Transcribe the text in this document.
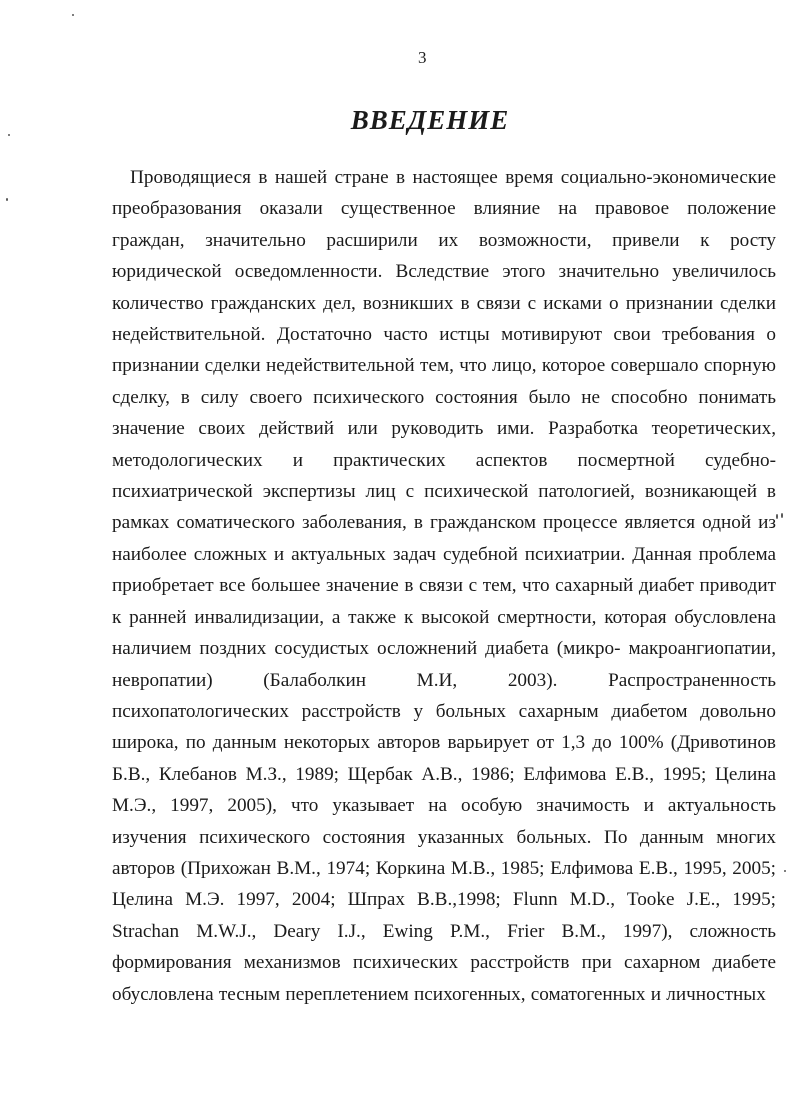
3
ВВЕДЕНИЕ

Проводящиеся в нашей стране в настоящее время социально-экономические преобразования оказали существенное влияние на правовое положение граждан, значительно расширили их возможности, привели к росту юридической осведомленности. Вследствие этого значительно увеличилось количество гражданских дел, возникших в связи с исками о признании сделки недействительной. Достаточно часто истцы мотивируют свои требования о признании сделки недействительной тем, что лицо, которое совершало спорную сделку, в силу своего психического состояния было не способно понимать значение своих действий или руководить ими. Разработка теоретических, методологических и практических аспектов посмертной судебно-психиатрической экспертизы лиц с психической патологией, возникающей в рамках соматического заболевания, в гражданском процессе является одной из наиболее сложных и актуальных задач судебной психиатрии. Данная проблема приобретает все большее значение в связи с тем, что сахарный диабет приводит к ранней инвалидизации, а также к высокой смертности, которая обусловлена наличием поздних сосудистых осложнений диабета (микро- макроангиопатии, невропатии) (Балаболкин М.И, 2003). Распространенность психопатологических расстройств у больных сахарным диабетом довольно широка, по данным некоторых авторов варьирует от 1,3 до 100% (Дривотинов Б.В., Клебанов М.З., 1989; Щербак А.В., 1986; Елфимова Е.В., 1995; Целина М.Э., 1997, 2005), что указывает на особую значимость и актуальность изучения психического состояния указанных больных. По данным многих авторов (Прихожан В.М., 1974; Коркина М.В., 1985; Елфимова Е.В., 1995, 2005; Целина М.Э. 1997, 2004; Шпрах В.В.,1998; Flunn M.D., Tooke J.E., 1995; Strachan M.W.J., Deary I.J., Ewing P.M., Frier B.M., 1997), сложность формирования механизмов психических расстройств при сахарном диабете обусловлена тесным переплетением психогенных, соматогенных и личностных
